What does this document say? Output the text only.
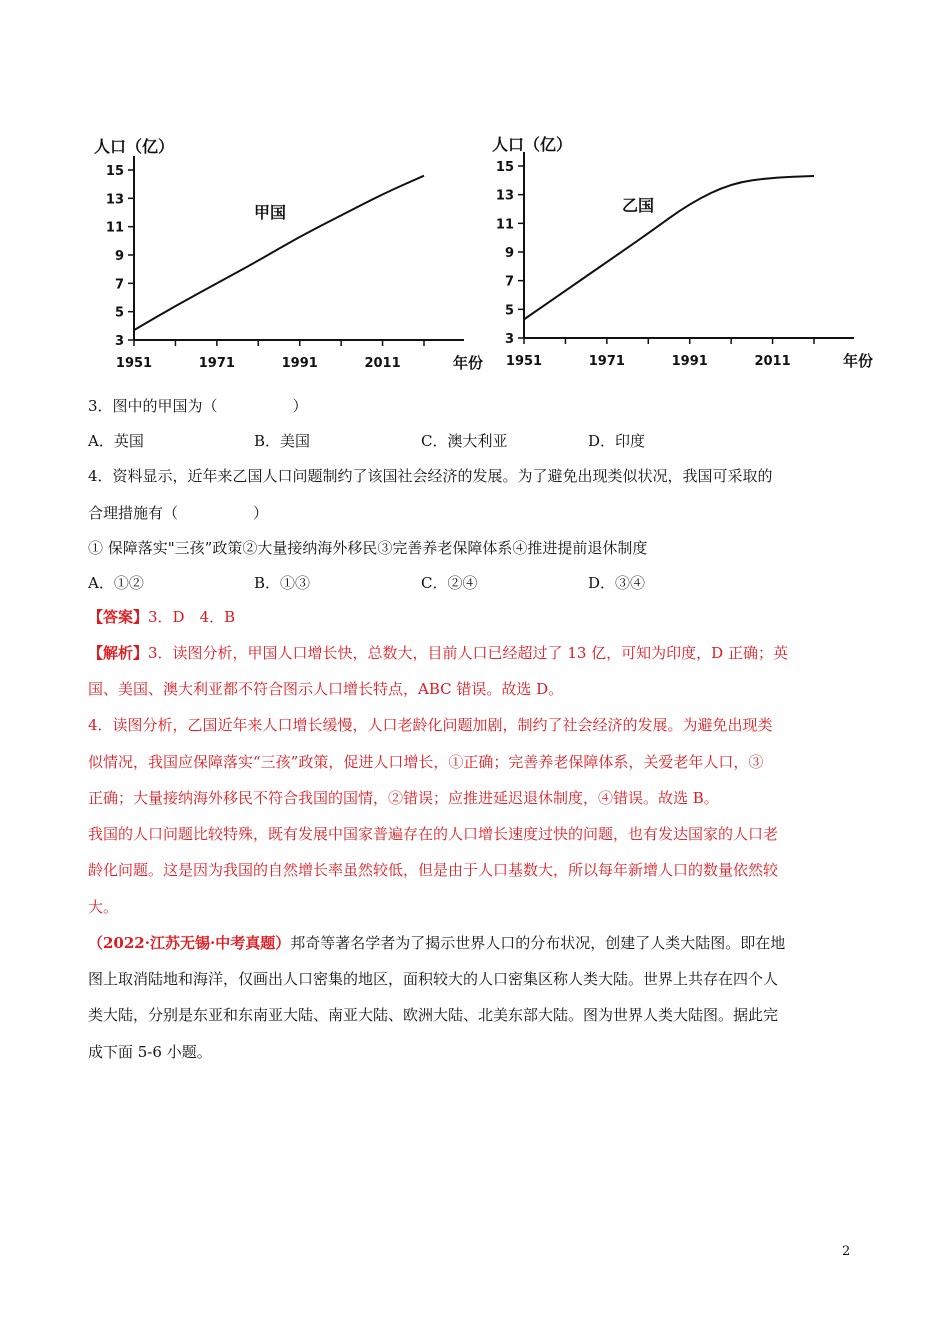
3
5
7
9
11
13
15
1951	1971	1991	2011
人口（亿）
年份
甲国
3
5
7
9
11
13
15
1951	1971	1991	2011
人口（亿）
年份
乙国
3．图中的甲国为（　　　　　）
A．英国	B．美国	C．澳大利亚	D．印度
4．资料显示，近年来乙国人口问题制约了该国社会经济的发展。为了避免出现类似状况，我国可采取的
合理措施有（　　　　　）
① 保障落实"三孩”政策②大量接纳海外移民③完善养老保障体系④推进提前退休制度
A．①②	B．①③	C．②④	D．③④
【答案】3．D　4．B
【解析】3．读图分析，甲国人口增长快，总数大，目前人口已经超过了 13 亿，可知为印度，D 正确；英
国、美国、澳大利亚都不符合图示人口增长特点，ABC 错误。故选 D。
4．读图分析，乙国近年来人口增长缓慢，人口老龄化问题加剧，制约了社会经济的发展。为避免出现类
似情况，我国应保障落实“三孩”政策，促进人口增长，①正确；完善养老保障体系，关爱老年人口，③
正确；大量接纳海外移民不符合我国的国情，②错误；应推进延迟退休制度，④错误。故选 B。
我国的人口问题比较特殊，既有发展中国家普遍存在的人口增长速度过快的问题，也有发达国家的人口老
龄化问题。这是因为我国的自然增长率虽然较低，但是由于人口基数大，所以每年新增人口的数量依然较
大。
（2022·江苏无锡·中考真题）邦奇等著名学者为了揭示世界人口的分布状况，创建了人类大陆图。即在地
图上取消陆地和海洋，仅画出人口密集的地区，面积较大的人口密集区称人类大陆。世界上共存在四个人
类大陆，分别是东亚和东南亚大陆、南亚大陆、欧洲大陆、北美东部大陆。图为世界人类大陆图。据此完
成下面 5-6 小题。
2
